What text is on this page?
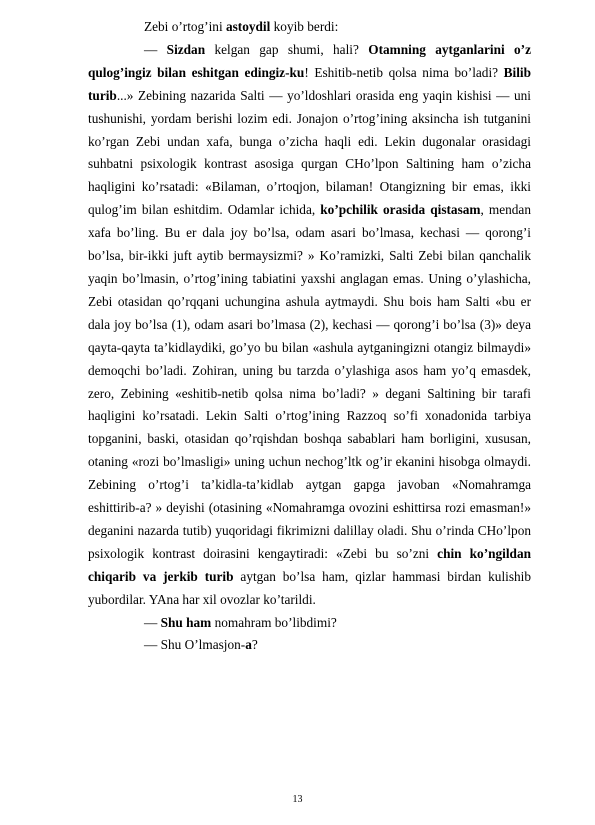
Zebi o’rtog’ini astoydil koyib berdi:

— Sizdan kelgan gap shumi, hali? Otamning aytganlarini o’z qulog’ingiz bilan eshitgan edingiz-ku! Eshitib-netib qolsa nima bo’ladi? Bilib turib...» Zebining nazarida Salti — yo’ldoshlari orasida eng yaqin kishisi — uni tushunishi, yordam berishi lozim edi. Jonajon o’rtog’ining aksincha ish tutganini ko’rgan Zebi undan xafa, bunga o’zicha haqli edi. Lekin dugonalar orasidagi suhbatni psixologik kontrast asosiga qurgan CHo’lpon Saltining ham o’zicha haqligini ko’rsatadi: «Bilaman, o’rtoqjon, bilaman! Otangizning bir emas, ikki qulog’im bilan eshitdim. Odamlar ichida, ko’pchilik orasida qistasam, mendan xafa bo’ling. Bu er dala joy bo’lsa, odam asari bo’lmasa, kechasi — qorong’i bo’lsa, bir-ikki juft aytib bermaysizmi? » Ko’ramizki, Salti Zebi bilan qanchalik yaqin bo’lmasin, o’rtog’ining tabiatini yaxshi anglagan emas. Uning o’ylashicha, Zebi otasidan qo’rqqani uchungina ashula aytmaydi. Shu bois ham Salti «bu er dala joy bo’lsa (1), odam asari bo’lmasa (2), kechasi — qorong’i bo’lsa (3)» deya qayta-qayta ta’kidlaydiki, go’yo bu bilan «ashula aytganingizni otangiz bilmaydi» demoqchi bo’ladi. Zohiran, uning bu tarzda o’ylashiga asos ham yo’q emasdek, zero, Zebining «eshitib-netib qolsa nima bo’ladi? » degani Saltining bir tarafi haqligini ko’rsatadi. Lekin Salti o’rtog’ining Razzoq so’fi xonadonida tarbiya topganini, baski, otasidan qo’rqishdan boshqa sabablari ham borligini, xususan, otaning «rozi bo’lmasligi» uning uchun nechog’ltk og’ir ekanini hisobga olmaydi. Zebining o’rtog’i ta’kidla-ta’kidlab aytgan gapga javoban «Nomahramga eshittirib-a? » deyishi (otasining «Nomahramga ovozini eshittirsa rozi emasman!» deganini nazarda tutib) yuqoridagi fikrimizni dalillay oladi. Shu o’rinda CHo’lpon psixologik kontrast doirasini kengaytiradi: «Zebi bu so’zni chin ko’ngildan chiqarib va jerkib turib aytgan bo’lsa ham, qizlar hammasi birdan kulishib yubordilar. YAna har xil ovozlar ko’tarildi.

— Shu ham nomahram bo’libdimi?

— Shu O’lmasjon-a?

13
